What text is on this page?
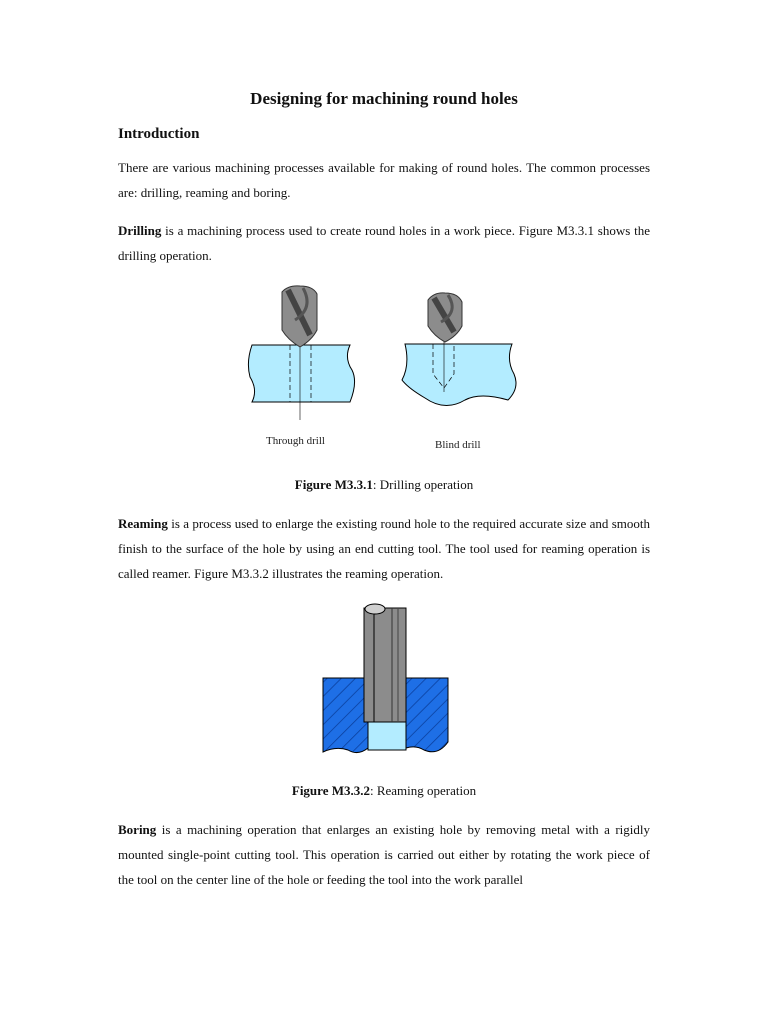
Designing for machining round holes
Introduction
There are various machining processes available for making of round holes. The common processes are: drilling, reaming and boring.
Drilling is a machining process used to create round holes in a work piece. Figure M3.3.1 shows the drilling operation.
Through drill	Blind drill
Figure M3.3.1: Drilling operation
Reaming is a process used to enlarge the existing round hole to the required accurate size and smooth finish to the surface of the hole by using an end cutting tool. The tool used for reaming operation is called reamer. Figure M3.3.2 illustrates the reaming operation.
Figure M3.3.2: Reaming operation
Boring is a machining operation that enlarges an existing hole by removing metal with a rigidly mounted single-point cutting tool. This operation is carried out either by rotating the work piece of the tool on the center line of the hole or feeding the tool into the work parallel
